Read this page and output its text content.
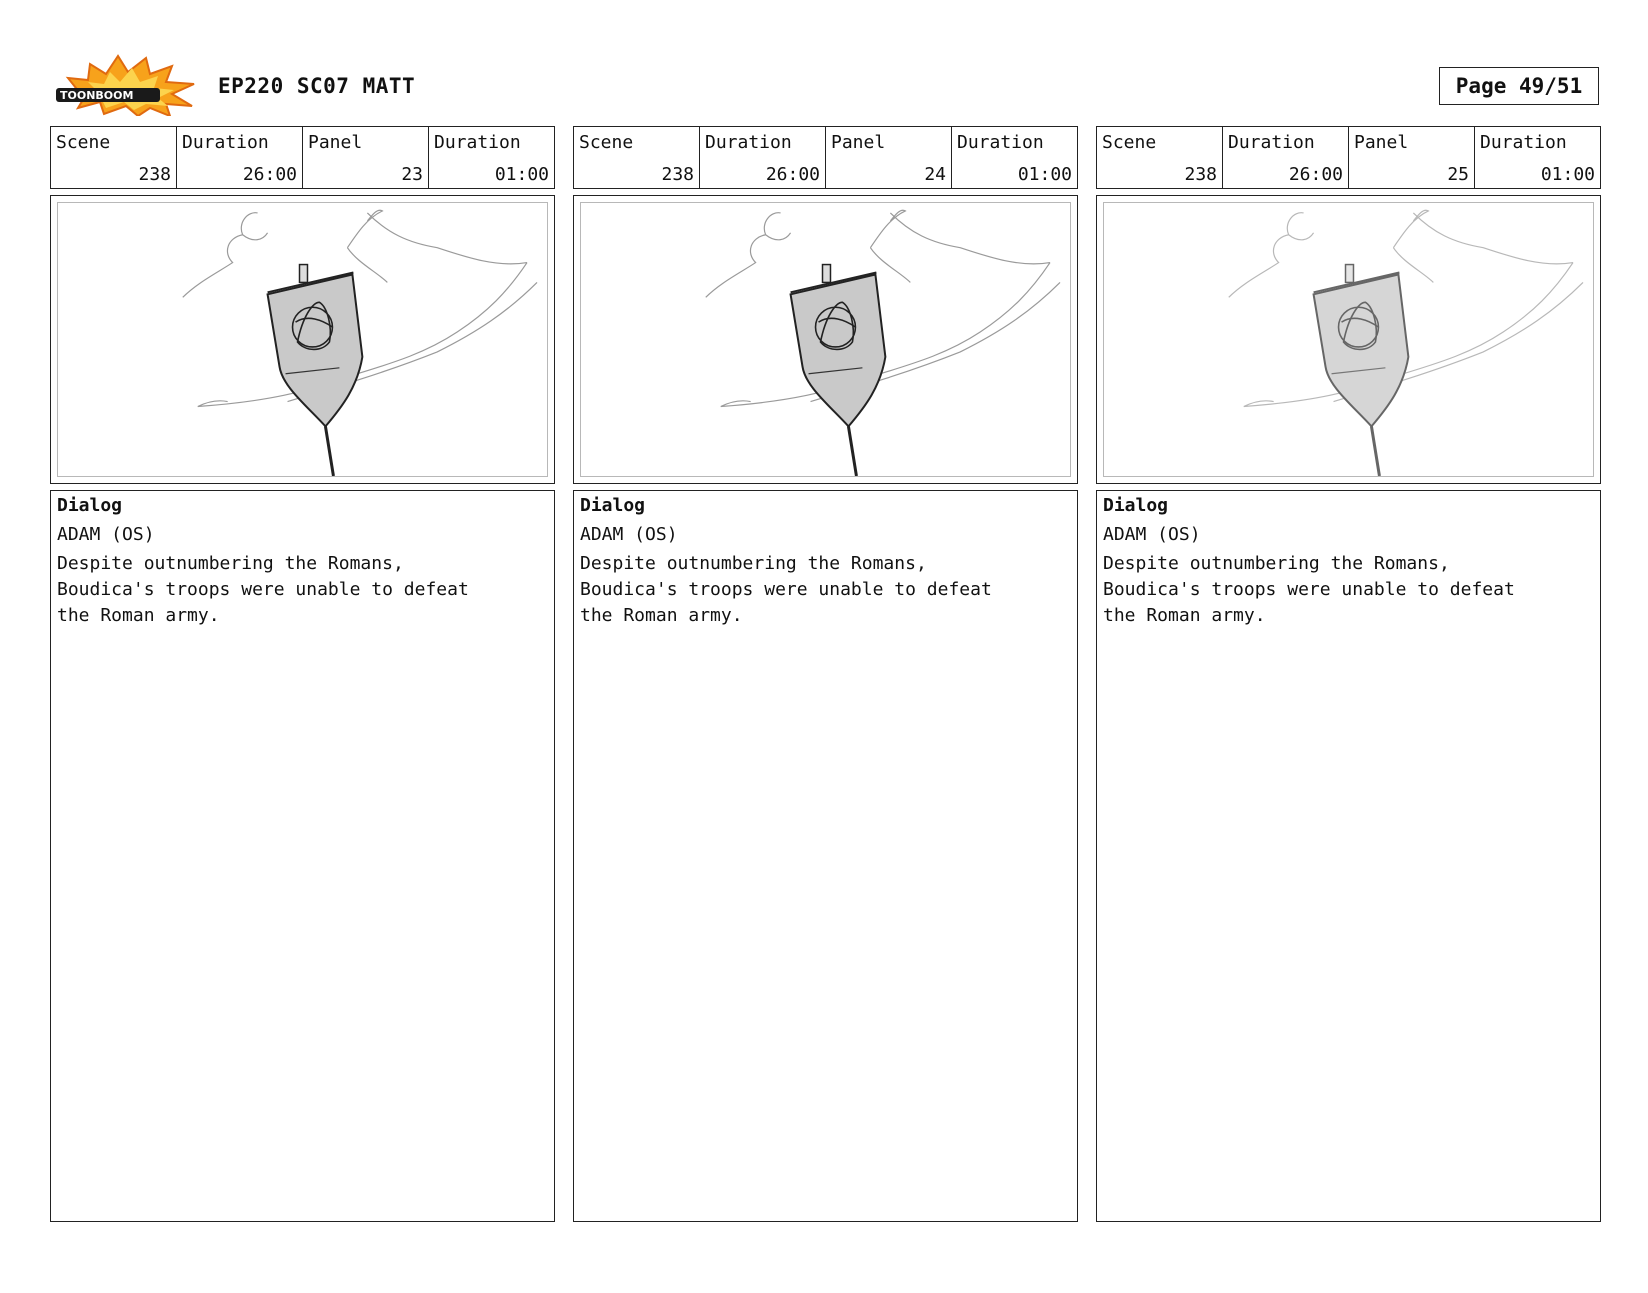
TOONBOOM	EP220 SC07 MATT	Page 49/51
Scene
238
Duration
26:00
Panel
23
Duration
01:00
Dialog
ADAM (OS)
Despite outnumbering the Romans,
Boudica's troops were unable to defeat
the Roman army.
Scene
238
Duration
26:00
Panel
24
Duration
01:00
Dialog
ADAM (OS)
Despite outnumbering the Romans,
Boudica's troops were unable to defeat
the Roman army.
Scene
238
Duration
26:00
Panel
25
Duration
01:00
Dialog
ADAM (OS)
Despite outnumbering the Romans,
Boudica's troops were unable to defeat
the Roman army.
